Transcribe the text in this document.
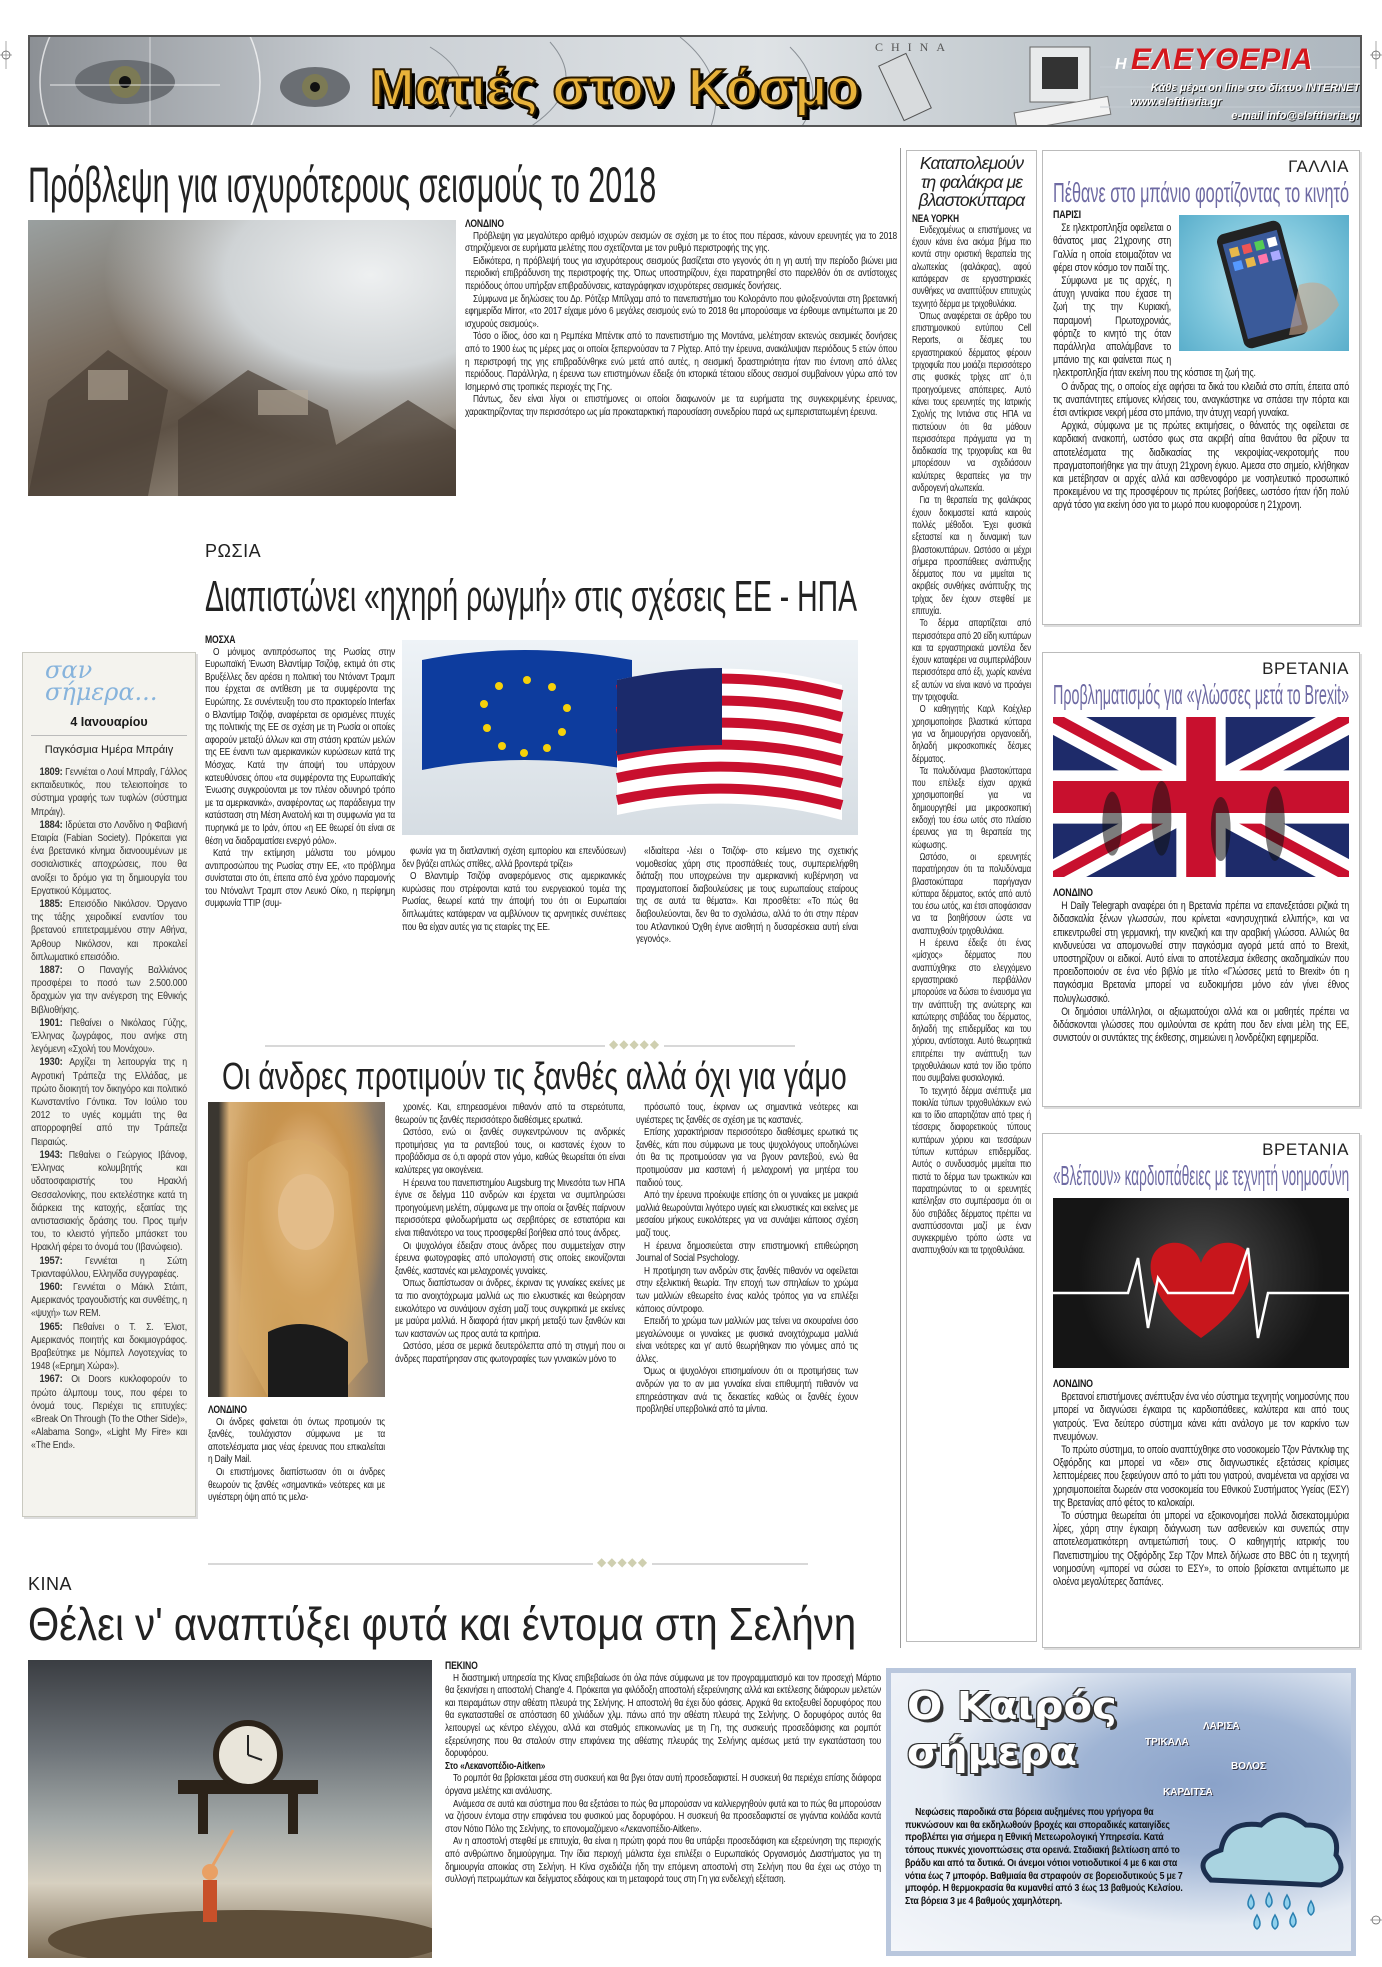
CHINA
Ματιές στον Κόσμο	Η ΕΛΕΥΘΕΡΙΑ
Κάθε μέρα on line στο δίκτυο INTERNET
www.eleftheria.gr
e-mail info@eleftheria.gr
Πρόβλεψη για ισχυρότερους σεισμούς το 2018

ΛΟΝΔΙΝΟ

Πρόβλεψη για μεγαλύτερο αριθμό ισχυρών σεισμών σε σχέση με το έτος που πέρασε, κάνουν ερευνητές για το 2018 στηριζόμενοι σε ευρήματα μελέτης που σχετίζονται με τον ρυθμό περιστροφής της γης.

Ειδικότερα, η πρόβλεψή τους για ισχυρότερους σεισμούς βασίζεται στο γεγονός ότι η γη αυτή την περίοδο βιώνει μια περιοδική επιβράδυνση της περιστροφής της. Όπως υποστηρίζουν, έχει παρατηρηθεί στο παρελθόν ότι σε αντίστοιχες περιόδους όπου υπήρξαν επιβραδύνσεις, καταγράφηκαν ισχυρότερες σεισμικές δονήσεις.

Σύμφωνα με δηλώσεις του Δρ. Ρότζερ Μπίλχαμ από το πανεπιστήμιο του Κολοράντο που φιλοξενούνται στη βρετανική εφημερίδα Mirror, «το 2017 είχαμε μόνο 6 μεγάλες σεισμούς ενώ το 2018 θα μπορούσαμε να έρθουμε αντιμέτωποι με 20 ισχυρούς σεισμούς».

Τόσο ο ίδιος, όσο και η Ρεμπέκα Μπέντικ από το πανεπιστήμιο της Μοντάνα, μελέτησαν εκτενώς σεισμικές δονήσεις από το 1900 έως τις μέρες μας οι οποίοι ξεπερνούσαν τα 7 Ρίχτερ. Από την έρευνα, ανακάλυψαν περιόδους 5 ετών όπου η περιστροφή της γης επιβραδύνθηκε ενώ μετά από αυτές, η σεισμική δραστηριότητα ήταν πιο έντονη από άλλες περιόδους. Παράλληλα, η έρευνα των επιστημόνων έδειξε ότι ιστορικά τέτοιου είδους σεισμοί συμβαίνουν γύρω από τον Ισημερινό στις τροπικές περιοχές της Γης.

Πάντως, δεν είναι λίγοι οι επιστήμονες οι οποίοι διαφωνούν με τα ευρήματα της συγκεκριμένης έρευνας, χαρακτηρίζοντας την περισσότερο ως μία προκαταρκτική παρουσίαση συνεδρίου παρά ως εμπεριστατωμένη έρευνα.

Καταπολεμούν
τη φαλάκρα με
βλαστοκύτταρα

ΝΕΑ ΥΟΡΚΗ

Ενδεχομένως οι επιστήμονες να έχουν κάνει ένα ακόμα βήμα πιο κοντά στην οριστική θεραπεία της αλωπεκίας (φαλάκρας), αφού κατάφεραν σε εργαστηριακές συνθήκες να αναπτύξουν επιτυχώς τεχνητό δέρμα με τριχοθυλάκια.

Όπως αναφέρεται σε άρθρο του επιστημονικού εντύπου Cell Reports, οι δέσμες του εργαστηριακού δέρματος φέρουν τριχοφυΐα που μοιάζει περισσότερο στις φυσικές τρίχες απ' ό,τι προηγούμενες απόπειρες. Αυτό κάνει τους ερευνητές της Ιατρικής Σχολής της Ιντιάνα στις ΗΠΑ να πιστεύουν ότι θα μάθουν περισσότερα πράγματα για τη διαδικασία της τριχοφυΐας και θα μπορέσουν να σχεδιάσουν καλύτερες θεραπείες για την ανδρογενή αλωπεκία.

Για τη θεραπεία της φαλάκρας έχουν δοκιμαστεί κατά καιρούς πολλές μέθοδοι. Έχει φυσικά εξεταστεί και η δυναμική των βλαστοκυττάρων. Ωστόσο οι μέχρι σήμερα προσπάθειες ανάπτυξης δέρματος που να μιμείται τις ακριβείς συνθήκες ανάπτυξης της τρίχας δεν έχουν στεφθεί με επιτυχία.

Το δέρμα απαρτίζεται από περισσότερα από 20 είδη κυττάρων και τα εργαστηριακά μοντέλα δεν έχουν καταφέρει να συμπεριλάβουν περισσότερα από έξι, χωρίς κανένα εξ αυτών να είναι ικανό να προάγει την τριχοφυΐα.

Ο καθηγητής Καρλ Κοέχλερ χρησιμοποίησε βλαστικά κύτταρα για να δημιουργήσει οργανοειδή, δηλαδή μικροσκοπικές δέσμες δέρματος.

Τα πολυδύναμα βλαστοκύτταρα που επέλεξε είχαν αρχικά χρησιμοποιηθεί για να δημιουργηθεί μια μικροσκοπική εκδοχή του έσω ωτός στο πλαίσιο έρευνας για τη θεραπεία της κώφωσης.

Ωστόσο, οι ερευνητές παρατήρησαν ότι τα πολυδύναμα βλαστοκύτταρα παρήγαγαν κύτταρα δέρματος, εκτός από αυτό του έσω ωτός, και έτσι αποφάσισαν να τα βοηθήσουν ώστε να αναπτυχθούν τριχοθυλάκια.

Η έρευνα έδειξε ότι ένας «μίσχος» δέρματος που αναπτύχθηκε στο ελεγχόμενο εργαστηριακό περιβάλλον μπορούσε να δώσει το έναυσμα για την ανάπτυξη της ανώτερης και κατώτερης στιβάδας του δέρματος, δηλαδή της επιδερμίδας και του χόριου, αντίστοιχα. Αυτό θεωρητικά επιτρέπει την ανάπτυξη των τριχοθυλάκιων κατά τον ίδιο τρόπο που συμβαίνει φυσιολογικά.

Το τεχνητό δέρμα ανέπτυξε μια ποικιλία τύπων τριχοθυλάκιων ενώ και το ίδιο απαρτιζόταν από τρεις ή τέσσερις διαφορετικούς τύπους κυττάρων χόριου και τεσσάρων τύπων κυττάρων επιδερμίδας. Αυτός ο συνδυασμός μιμείται πιο πιστά το δέρμα των τρωκτικών και παρατηρώντας το οι ερευνητές κατέληξαν στο συμπέρασμα ότι οι δύο στιβάδες δέρματος πρέπει να αναπτύσσονται μαζί με έναν συγκεκριμένο τρόπο ώστε να αναπτυχθούν και τα τριχοθυλάκια.

ΓΑΛΛΙΑ
Πέθανε στο μπάνιο φορτίζοντας το κινητό

ΠΑΡΙΣΙ

Σε ηλεκτροπληξία οφείλεται ο θάνατος μιας 21χρονης στη Γαλλία η οποία ετοιμαζόταν να φέρει στον κόσμο τον παιδί της.

Σύμφωνα με τις αρχές, η άτυχη γυναίκα που έχασε τη ζωή της την Κυριακή, παραμονή Πρωτοχρονιάς, φόρτιζε το κινητό της όταν παράλληλα απολάμβανε το μπάνιο της και φαίνεται πως η ηλεκτροπληξία ήταν εκείνη που της κόστισε τη ζωή της.

Ο άνδρας της, ο οποίος είχε αφήσει τα δικά του κλειδιά στο σπίτι, έπειτα από τις αναπάντητες επίμονες κλήσεις του, αναγκάστηκε να σπάσει την πόρτα και έτσι αντίκρισε νεκρή μέσα στο μπάνιο, την άτυχη νεαρή γυναίκα.

Αρχικά, σύμφωνα με τις πρώτες εκτιμήσεις, ο θάνατός της οφείλεται σε καρδιακή ανακοπή, ωστόσο φως στα ακριβή αίτια θανάτου θα ρίξουν τα αποτελέσματα της διαδικασίας της νεκροψίας-νεκροτομής που πραγματοποιήθηκε για την άτυχη 21χρονη έγκυο. Αμεσα στο σημείο, κλήθηκαν και μετέβησαν οι αρχές αλλά και ασθενοφόρο με νοσηλευτικό προσωπικό προκειμένου να της προσφέρουν τις πρώτες βοήθειες, ωστόσο ήταν ήδη πολύ αργά τόσο για εκείνη όσο για το μωρό που κυοφορούσε η 21χρονη.

ΒΡΕΤΑΝΙΑ
Προβληματισμός για «γλώσσες μετά το Brexit»

ΛΟΝΔΙΝΟ

Η Daily Telegraph αναφέρει ότι η Βρετανία πρέπει να επανεξετάσει ριζικά τη διδασκαλία ξένων γλωσσών, που κρίνεται «ανησυχητικά ελλιπής», και να επικεντρωθεί στη γερμανική, την κινεζική και την αραβική γλώσσα. Αλλιώς θα κινδυνεύσει να απομονωθεί στην παγκόσμια αγορά μετά από το Brexit, υποστηρίζουν οι ειδικοί. Αυτό είναι το αποτέλεσμα έκθεσης ακαδημαϊκών που προειδοποιούν σε ένα νέο βιβλίο με τίτλο «Γλώσσες μετά το Brexit» ότι η παγκόσμια Βρετανία μπορεί να ευδοκιμήσει μόνο εάν γίνει έθνος πολυγλωσσικό.

Οι δημόσιοι υπάλληλοι, οι αξιωματούχοι αλλά και οι μαθητές πρέπει να διδάσκονται γλώσσες που ομιλούνται σε κράτη που δεν είναι μέλη της ΕΕ, συνιστούν οι συντάκτες της έκθεσης, σημειώνει η λονδρέζικη εφημερίδα.

ΒΡΕΤΑΝΙΑ
«Βλέπουν» καρδιοπάθειες με τεχνητή νοημοσύνη

ΛΟΝΔΙΝΟ

Βρετανοί επιστήμονες ανέπτυξαν ένα νέο σύστημα τεχνητής νοημοσύνης που μπορεί να διαγνώσει έγκαιρα τις καρδιοπάθειες, καλύτερα και από τους γιατρούς. Ένα δεύτερο σύστημα κάνει κάτι ανάλογο με τον καρκίνο των πνευμόνων.

Το πρώτο σύστημα, το οποίο αναπτύχθηκε στο νοσοκομείο Τζον Ράντκλιφ της Οξφόρδης και μπορεί να «δει» στις διαγνωστικές εξετάσεις κρίσιμες λεπτομέρειες που ξεφεύγουν από το μάτι του γιατρού, αναμένεται να αρχίσει να χρησιμοποιείται δωρεάν στα νοσοκομεία του Εθνικού Συστήματος Υγείας (ΕΣΥ) της Βρετανίας από φέτος το καλοκαίρι.

Το σύστημα θεωρείται ότι μπορεί να εξοικονομήσει πολλά δισεκατομμύρια λίρες, χάρη στην έγκαιρη διάγνωση των ασθενειών και συνεπώς στην αποτελεσματικότερη αντιμετώπισή τους. Ο καθηγητής ιατρικής του Πανεπιστημίου της Οξφόρδης Σερ Τζον Μπελ δήλωσε στο BBC ότι η τεχνητή νοημοσύνη «μπορεί να σώσει το ΕΣΥ», το οποίο βρίσκεται αντιμέτωπο με ολοένα μεγαλύτερες δαπάνες.

σαν
σήμερα...
4 Ιανουαρίου
Παγκόσμια Ημέρα Μπράιγ

1809: Γεννιέται ο Λουί Μπραΐγ, Γάλλος εκπαιδευτικός, που τελειοποίησε το σύστημα γραφής των τυφλών (σύστημα Μπράιγ).

1884: Ιδρύεται στο Λονδίνο η Φαβιανή Εταιρία (Fabian Society). Πρόκειται για ένα βρετανικό κίνημα διανοουμένων με σοσιαλιστικές αποχρώσεις, που θα ανοίξει το δρόμο για τη δημιουργία του Εργατικού Κόμματος.

1885: Επεισόδιο Νικόλσον. Όργανο της τάξης χειροδικεί εναντίον του βρετανού επιτετραμμένου στην Αθήνα, Άρθουρ Νικόλσον, και προκαλεί διπλωματικό επεισόδιο.

1887: Ο Παναγής Βαλλιάνος προσφέρει το ποσό των 2.500.000 δραχμών για την ανέγερση της Εθνικής Βιβλιοθήκης.

1901: Πεθαίνει ο Νικόλαος Γύζης, Έλληνας ζωγράφος, που ανήκε στη λεγόμενη «Σχολή του Μονάχου».

1930: Αρχίζει τη λειτουργία της η Αγροτική Τράπεζα της Ελλάδας, με πρώτο διοικητή τον δικηγόρο και πολιτικό Κωνσταντίνο Γόντικα. Τον Ιούλιο του 2012 το υγιές κομμάτι της θα απορροφηθεί από την Τράπεζα Πειραιώς.

1943: Πεθαίνει ο Γεώργιος Ιβάνοφ, Έλληνας κολυμβητής και υδατοσφαιριστής του Ηρακλή Θεσσαλονίκης, που εκτελέστηκε κατά τη διάρκεια της κατοχής, εξαιτίας της αντιστασιακής δράσης του. Προς τιμήν του, το κλειστό γήπεδο μπάσκετ του Ηρακλή φέρει το όνομά του (Ιβανώφειο).

1957: Γεννιέται η Σώτη Τριανταφύλλου, Ελληνίδα συγγραφέας.

1960: Γεννιέται ο Μάικλ Στάιπ, Αμερικανός τραγουδιστής και συνθέτης, η «ψυχή» των REM.

1965: Πεθαίνει ο Τ. Σ. Έλιοτ, Αμερικανός ποιητής και δοκιμιογράφος. Βραβεύτηκε με Νόμπελ Λογοτεχνίας το 1948 («Ερημη Χώρα»).

1967: Οι Doors κυκλοφορούν το πρώτο άλμπουμ τους, που φέρει το όνομά τους. Περιέχει τις επιτυχίες: «Break On Through (To the Other Side)», «Alabama Song», «Light My Fire» και «The End».

ΡΩΣΙΑ
Διαπιστώνει «ηχηρή ρωγμή» στις σχέσεις ΕΕ - ΗΠΑ

ΜΟΣΧΑ

Ο μόνιμος αντιπρόσωπος της Ρωσίας στην Ευρωπαϊκή Ένωση Βλαντίμιρ Τσιζόφ, εκτιμά ότι στις Βρυξέλλες δεν αρέσει η πολιτική του Ντόναντ Τραμπ που έρχεται σε αντίθεση με τα συμφέροντα της Ευρώπης. Σε συνέντευξη του στο πρακτορείο Interfax ο Βλαντίμιρ Τσιζόφ, αναφέρεται σε ορισμένες πτυχές της πολιτικής της ΕΕ σε σχέση με τη Ρωσία οι οποίες αφορούν μεταξύ άλλων και στη στάση κρατών μελών της ΕΕ έναντι των αμερικανικών κυρώσεων κατά της Μόσχας. Κατά την άποψή του υπάρχουν κατευθύνσεις όπου «τα συμφέροντα της Ευρωπαϊκής Ένωσης συγκρούονται με τον πλέον οδυνηρό τρόπο με τα αμερικανικά», αναφέροντας ως παράδειγμα την κατάσταση στη Μέση Ανατολή και τη συμφωνία για τα πυρηνικά με το Ιράν, όπου «η ΕΕ θεωρεί ότι είναι σε θέση να διαδραματίσει ενεργό ρόλο».

Κατά την εκτίμηση μάλιστα του μόνιμου αντιπροσώπου της Ρωσίας στην ΕΕ, «το πρόβλημα συνίσταται στο ότι, έπειτα από ένα χρόνο παραμονής του Ντόναλντ Τραμπ στον Λευκό Οίκο, η περίφημη συμφωνία TTIP (συμ-

φωνία για τη διατλαντική σχέση εμπορίου και επενδύσεων) δεν βγάζει απλώς σπίθες, αλλά βροντερά τρίζει»

Ο Βλαντιμίρ Τσιζόφ αναφερόμενος στις αμερικανικές κυρώσεις που στρέφονται κατά του ενεργειακού τομέα της Ρωσίας, θεωρεί κατά την άποψή του ότι οι Ευρωπαίοι διπλωμάτες κατάφεραν να αμβλύνουν τις αρνητικές συνέπειες που θα είχαν αυτές για τις εταιρίες της ΕΕ.

«Ιδιαίτερα -λέει ο Τσιζόφ- στο κείμενο της σχετικής νομοθεσίας χάρη στις προσπάθειές τους, συμπεριελήφθη διάταξη που υποχρεώνει την αμερικανική κυβέρνηση να πραγματοποιεί διαβουλεύσεις με τους ευρωπαίους εταίρους της σε αυτά τα θέματα». Και προσθέτει: «Το πώς θα διαβουλεύονται, δεν θα το σχολιάσω, αλλά το ότι στην πέραν του Ατλαντικού Όχθη έγινε αισθητή η δυσαρέσκεια αυτή είναι γεγονός».

◆◆◆◆◆
Οι άνδρες προτιμούν τις ξανθές αλλά όχι για γάμο

ΛΟΝΔΙΝΟ

Οι άνδρες φαίνεται ότι όντως προτιμούν τις ξανθές, τουλάχιστον σύμφωνα με τα αποτελέσματα μιας νέας έρευνας που επικαλείται η Daily Mail.

Οι επιστήμονες διαπίστωσαν ότι οι άνδρες θεωρούν τις ξανθές «σημαντικά» νεότερες και με υγιέστερη όψη από τις μελα-

χροινές. Και, επηρεασμένοι πιθανόν από τα στερεότυπα, θεωρούν τις ξανθές περισσότερο διαθέσιμες ερωτικά.

Ωστόσο, ενώ οι ξανθές συγκεντρώνουν τις ανδρικές προτιμήσεις για τα ραντεβού τους, οι καστανές έχουν το προβάδισμα σε ό,τι αφορά στον γάμο, καθώς θεωρείται ότι είναι καλύτερες για οικογένεια.

Η έρευνα του πανεπιστημίου Augsburg της Μινεσότα των ΗΠΑ έγινε σε δείγμα 110 ανδρών και έρχεται να συμπληρώσει προηγούμενη μελέτη, σύμφωνα με την οποία οι ξανθές παίρνουν περισσότερα φιλοδωρήματα ως σερβιτόρες σε εστιατόρια και είναι πιθανότερο να τους προσφερθεί βοήθεια από τους άνδρες.

Οι ψυχολόγοι έδειξαν στους άνδρες που συμμετείχαν στην έρευνα φωτογραφίες από υπολογιστή στις οποίες εικονίζονται ξανθές, καστανές και μελαχροινές γυναίκες.

Όπως διαπίστωσαν οι άνδρες, έκριναν τις γυναίκες εκείνες με τα πιο ανοιχτόχρωμα μαλλιά ως πιο ελκυστικές και θεώρησαν ευκολότερο να συνάψουν σχέση μαζί τους συγκριτικά με εκείνες με μαύρα μαλλιά. Η διαφορά ήταν μικρή μεταξύ των ξανθών και των καστανών ως προς αυτά τα κριτήρια.

Ωστόσο, μέσα σε μερικά δευτερόλεπτα από τη στιγμή που οι άνδρες παρατήρησαν στις φωτογραφίες των γυναικών μόνο το

πρόσωπό τους, έκριναν ως σημαντικά νεότερες και υγιέστερες τις ξανθές σε σχέση με τις καστανές.

Επίσης χαρακτήρισαν περισσότερο διαθέσιμες ερωτικά τις ξανθές, κάτι που σύμφωνα με τους ψυχολόγους υποδηλώνει ότι θα τις προτιμούσαν για να βγουν ραντεβού, ενώ θα προτιμούσαν μια καστανή ή μελαχροινή για μητέρα του παιδιού τους.

Από την έρευνα προέκυψε επίσης ότι οι γυναίκες με μακριά μαλλιά θεωρούνται λιγότερο υγιείς και ελκυστικές και εκείνες με μεσαίου μήκους ευκολότερες για να συνάψει κάποιος σχέση μαζί τους.

Η έρευνα δημοσιεύεται στην επιστημονική επιθεώρηση Journal of Social Psychology.

Η προτίμηση των ανδρών στις ξανθές πιθανόν να οφείλεται στην εξελικτική θεωρία. Την εποχή των σπηλαίων το χρώμα των μαλλιών εθεωρείτο ένας καλός τρόπος για να επιλέξει κάποιος σύντροφο.

Επειδή το χρώμα των μαλλιών μας τείνει να σκουραίνει όσο μεγαλώνουμε οι γυναίκες με φυσικά ανοιχτόχρωμα μαλλιά είναι νεότερες και γι' αυτό θεωρήθηκαν πιο γόνιμες από τις άλλες.

Όμως οι ψυχολόγοι επισημαίνουν ότι οι προτιμήσεις των ανδρών για το αν μια γυναίκα είναι επιθυμητή πιθανόν να επηρεάστηκαν ανά τις δεκαετίες καθώς οι ξανθές έχουν προβληθεί υπερβολικά από τα μίντια.

◆◆◆◆◆
ΚΙΝΑ
Θέλει ν' αναπτύξει φυτά και έντομα στη Σελήνη

ΠΕΚΙΝΟ

Η διαστημική υπηρεσία της Κίνας επιβεβαίωσε ότι όλα πάνε σύμφωνα με τον προγραμματισμό και τον προσεχή Μάρτιο θα ξεκινήσει η αποστολή Chang'e 4. Πρόκειται για φιλόδοξη αποστολή εξερεύνησης αλλά και εκτέλεσης διάφορων μελετών και πειραμάτων στην αθέατη πλευρά της Σελήνης. Η αποστολή θα έχει δύο φάσεις. Αρχικά θα εκτοξευθεί δορυφόρος που θα εγκατασταθεί σε απόσταση 60 χιλιάδων χλμ. πάνω από την αθέατη πλευρά της Σελήνης. Ο δορυφόρος αυτός θα λειτουργεί ως κέντρο ελέγχου, αλλά και σταθμός επικοινωνίας με τη Γη, της συσκευής προσεδάφισης και ρομπότ εξερεύνησης που θα σταλούν στην επιφάνεια της αθέατης πλευράς της Σελήνης αμέσως μετά την εγκατάσταση του δορυφόρου.

Στο «Λεκανοπέδιο-Aitken»

Το ρομπότ θα βρίσκεται μέσα στη συσκευή και θα βγει όταν αυτή προσεδαφιστεί. Η συσκευή θα περιέχει επίσης διάφορα όργανα μελέτης και ανάλυσης.

Ανάμεσα σε αυτά και σύστημα που θα εξετάσει το πώς θα μπορούσαν να καλλιεργηθούν φυτά και το πώς θα μπορούσαν να ζήσουν έντομα στην επιφάνεια του φυσικού μας δορυφόρου. Η συσκευή θα προσεδαφιστεί σε γιγάντια κοιλάδα κοντά στον Νότιο Πόλο της Σελήνης, το επονομαζόμενο «Λεκανοπέδιο-Aitken».

Αν η αποστολή στεφθεί με επιτυχία, θα είναι η πρώτη φορά που θα υπάρξει προσεδάφιση και εξερεύνηση της περιοχής από ανθρώπινο δημιούργημα. Την ίδια περιοχή μάλιστα έχει επιλέξει ο Ευρωπαϊκός Οργανισμός Διαστήματος για τη δημιουργία αποικίας στη Σελήνη. Η Κίνα σχεδιάζει ήδη την επόμενη αποστολή στη Σελήνη που θα έχει ως στόχο τη συλλογή πετρωμάτων και δείγματος εδάφους και τη μεταφορά τους στη Γη για ενδελεχή εξέταση.

Ο Καιρός
σήμερα
ΛΑΡΙΣΑ
ΤΡΙΚΑΛΑ
ΒΟΛΟΣ
ΚΑΡΔΙΤΣΑ
Νεφώσεις παροδικά στα βόρεια αυξημένες που γρήγορα θα πυκνώσουν και θα εκδηλωθούν βροχές και σποραδικές καταιγίδες προβλέπει για σήμερα η Εθνική Μετεωρολογική Υπηρεσία. Κατά τόπους πυκνές χιονοπτώσεις στα ορεινά. Σταδιακή βελτίωση από το βράδυ και από τα δυτικά. Οι άνεμοι νότιοι νοτιοδυτικοί 4 με 6 και στα νότια έως 7 μποφόρ. Βαθμιαία θα στραφούν σε βορειοδυτικούς 5 με 7 μποφόρ. Η θερμοκρασία θα κυμανθεί από 3 έως 13 βαθμούς Κελσίου. Στα βόρεια 3 με 4 βαθμούς χαμηλότερη.
